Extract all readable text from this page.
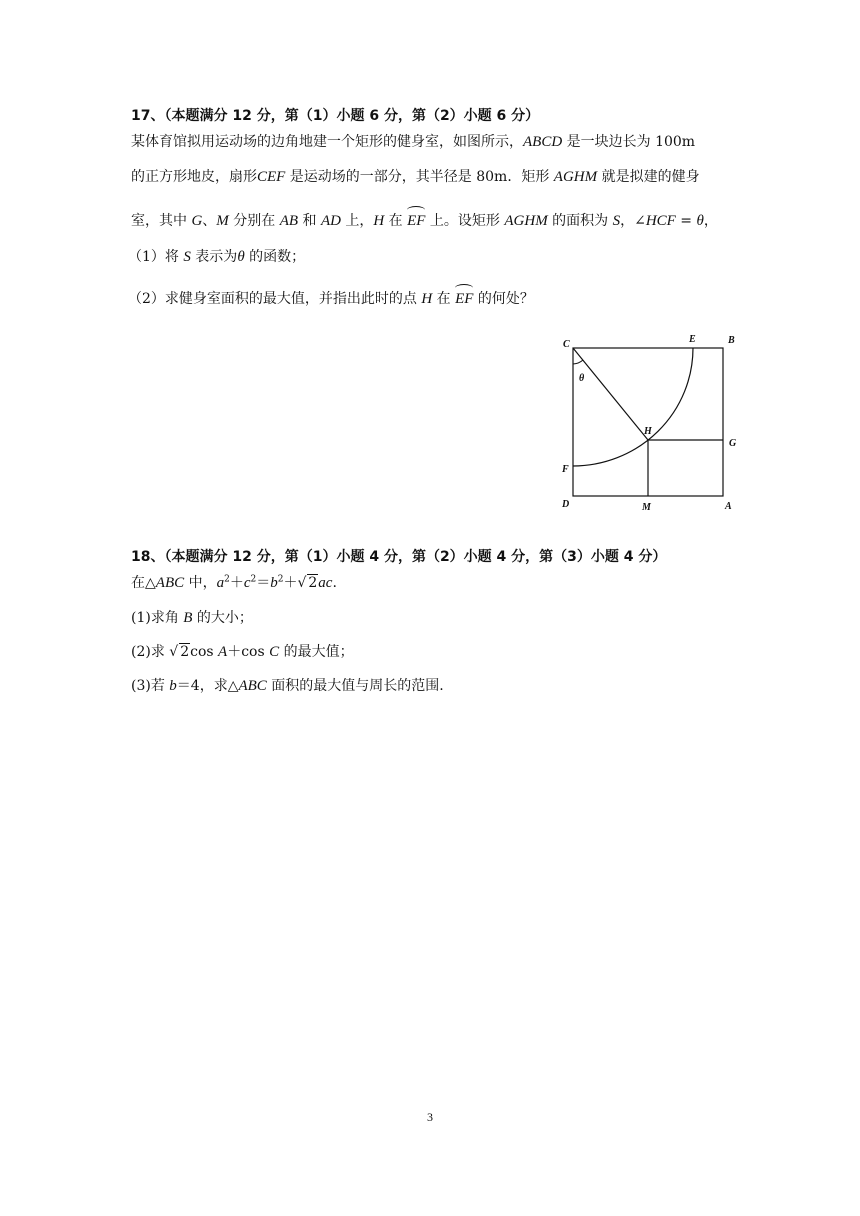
17、（本题满分 12 分，第（1）小题 6 分，第（2）小题 6 分）
某体育馆拟用运动场的边角地建一个矩形的健身室，如图所示，ABCD 是一块边长为 100m
的正方形地皮，扇形CEF 是运动场的一部分，其半径是 80m．矩形 AGHM 就是拟建的健身
室，其中 G、M 分别在 AB 和 AD 上，H 在 EF 上。设矩形 AGHM 的面积为 S，∠HCF = θ，
（1）将 S 表示为θ 的函数；
（2）求健身室面积的最大值，并指出此时的点 H 在 EF 的何处？
C	E	B
θ
H
G
F
D	M	A
18、（本题满分 12 分，第（1）小题 4 分，第（2）小题 4 分，第（3）小题 4 分）
在△ABC 中，$a^2+c^2=b^2+√$ 2ac.
(1)求角 B 的大小；
(2)求 √ 2cos A＋cos C 的最大值；
(3)若 b＝4，求△ABC 面积的最大值与周长的范围.
3
